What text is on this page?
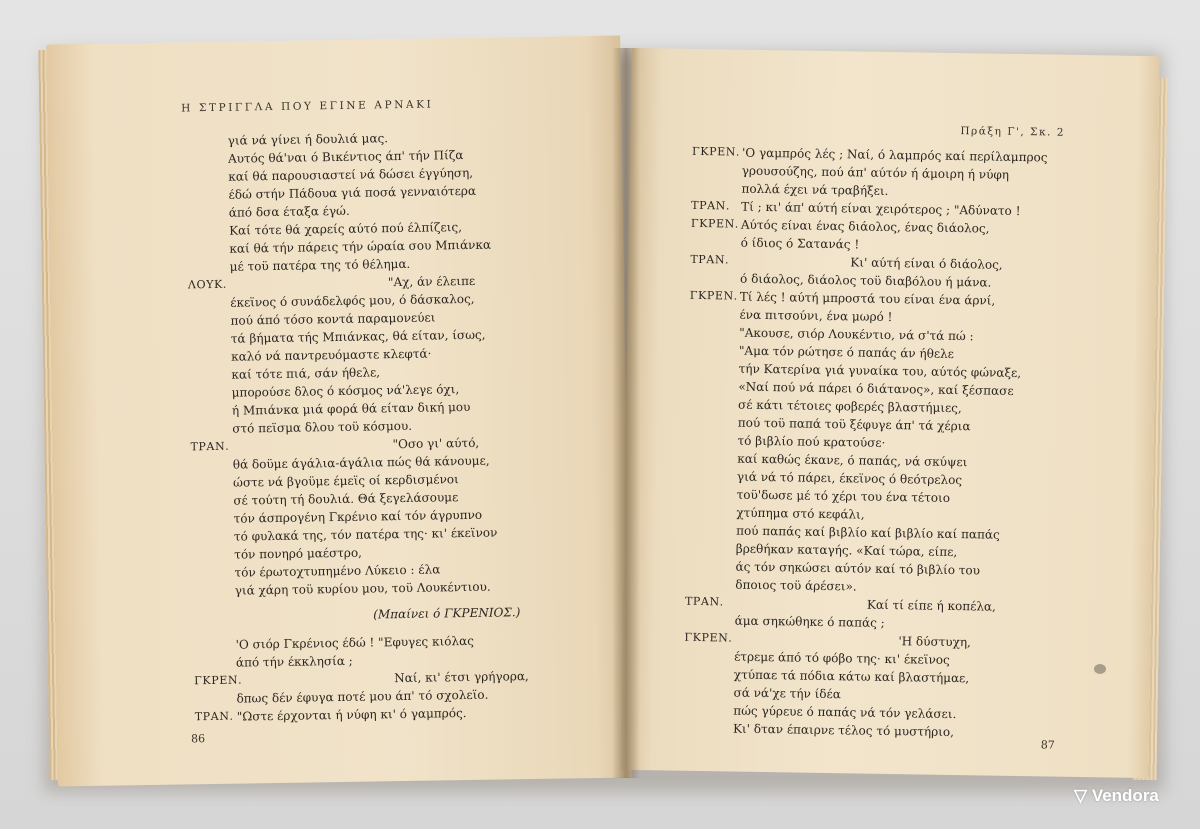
Η ΣΤΡΙΓΓΛΑ ΠΟΥ ΕΓΙΝΕ ΑΡΝΑΚΙ
γιά νά γίνει ή δουλιά μας.
Αυτός θά'ναι ό Βικέντιος άπ' τήν Πίζα
καί θά παρουσιαστεί νά δώσει έγγύηση,
έδώ στήν Πάδουα γιά ποσά γενναιότερα
άπό δσα έταξα έγώ.
Καί τότε θά χαρείς αύτό πού έλπίζεις,
καί θά τήν πάρεις τήν ώραία σου Μπιάνκα
μέ τοϋ πατέρα της τό θέλημα.
ΛΟΥΚ.	"Αχ, άν έλειπε
έκεϊνος ό συνάδελφός μου, ό δάσκαλος,
πού άπό τόσο κοντά παραμονεύει
τά βήματα τής Μπιάνκας, θά είταν, ίσως,
καλό νά παντρευόμαστε κλεφτά·
καί τότε πιά, σάν ήθελε,
μπορούσε δλος ό κόσμος νά'λεγε όχι,
ή Μπιάνκα μιά φορά θά είταν δική μου
στό πεϊσμα δλου τοϋ κόσμου.
ΤΡΑΝ.	"Οσο γι' αύτό,
θά δοϋμε άγάλια-άγάλια πώς θά κάνουμε,
ώστε νά βγοϋμε έμεϊς οί κερδισμένοι
σέ τούτη τή δουλιά. Θά ξεγελάσουμε
τόν άσπρογένη Γκρένιο καί τόν άγρυπνο
τό φυλακά της, τόν πατέρα της· κι' έκεϊνον
τόν πονηρό μαέστρο,
τόν έρωτοχτυπημένο Λύκειο : έλα
γιά χάρη τοϋ κυρίου μου, τοϋ Λουκέντιου.
(Μπαίνει ό ΓΚΡΕΝΙΟΣ.)
'Ο σιόρ Γκρένιος έδώ ! "Εφυγες κιόλας
άπό τήν έκκλησία ;
ΓΚΡΕΝ.	Ναί, κι' έτσι γρήγορα,
δπως δέν έφυγα ποτέ μου άπ' τό σχολεϊο.
ΤΡΑΝ. "Ωστε έρχονται ή νύφη κι' ό γαμπρός.
86
Πράξη Γ', Σκ. 2
ΓΚΡΕΝ. 'Ο γαμπρός λές ; Ναί, ό λαμπρός καί περίλαμπρος
γρουσούζης, πού άπ' αύτόν ή άμοιρη ή νύφη
πολλά έχει νά τραβήξει.
ΤΡΑΝ. Τί ; κι' άπ' αύτή είναι χειρότερος ; "Αδύνατο !
ΓΚΡΕΝ. Αύτός είναι ένας διάολος, ένας διάολος,
ό ίδιος ό Σατανάς !
ΤΡΑΝ.	Κι' αύτή είναι ό διάολος,
ό διάολος, διάολος τοϋ διαβόλου ή μάνα.
ΓΚΡΕΝ. Τί λές ! αύτή μπροστά του είναι ένα άρνί,
ένα πιτσούνι, ένα μωρό !
"Ακουσε, σιόρ Λουκέντιο, νά σ'τά πώ :
"Αμα τόν ρώτησε ό παπάς άν ήθελε
τήν Κατερίνα γιά γυναίκα του, αύτός φώναξε,
«Ναί πού νά πάρει ό διάτανος», καί ξέσπασε
σέ κάτι τέτοιες φοβερές βλαστήμιες,
πού τοϋ παπά τοϋ ξέφυγε άπ' τά χέρια
τό βιβλίο πού κρατούσε·
καί καθώς έκανε, ό παπάς, νά σκύψει
γιά νά τό πάρει, έκεϊνος ό θεότρελος
τοϋ'δωσε μέ τό χέρι του ένα τέτοιο
χτύπημα στό κεφάλι,
πού παπάς καί βιβλίο καί βιβλίο καί παπάς
βρεθήκαν καταγής. «Καί τώρα, είπε,
άς τόν σηκώσει αύτόν καί τό βιβλίο του
δποιος τοϋ άρέσει».
ΤΡΑΝ.	Καί τί είπε ή κοπέλα,
άμα σηκώθηκε ό παπάς ;
ΓΚΡΕΝ.	'Η δύστυχη,
έτρεμε άπό τό φόβο της· κι' έκεϊνος
χτύπαε τά πόδια κάτω καί βλαστήμαε,
σά νά'χε τήν ίδέα
πώς γύρευε ό παπάς νά τόν γελάσει.
Κι' δταν έπαιρνε τέλος τό μυστήριο,
87
▽ Vendora
